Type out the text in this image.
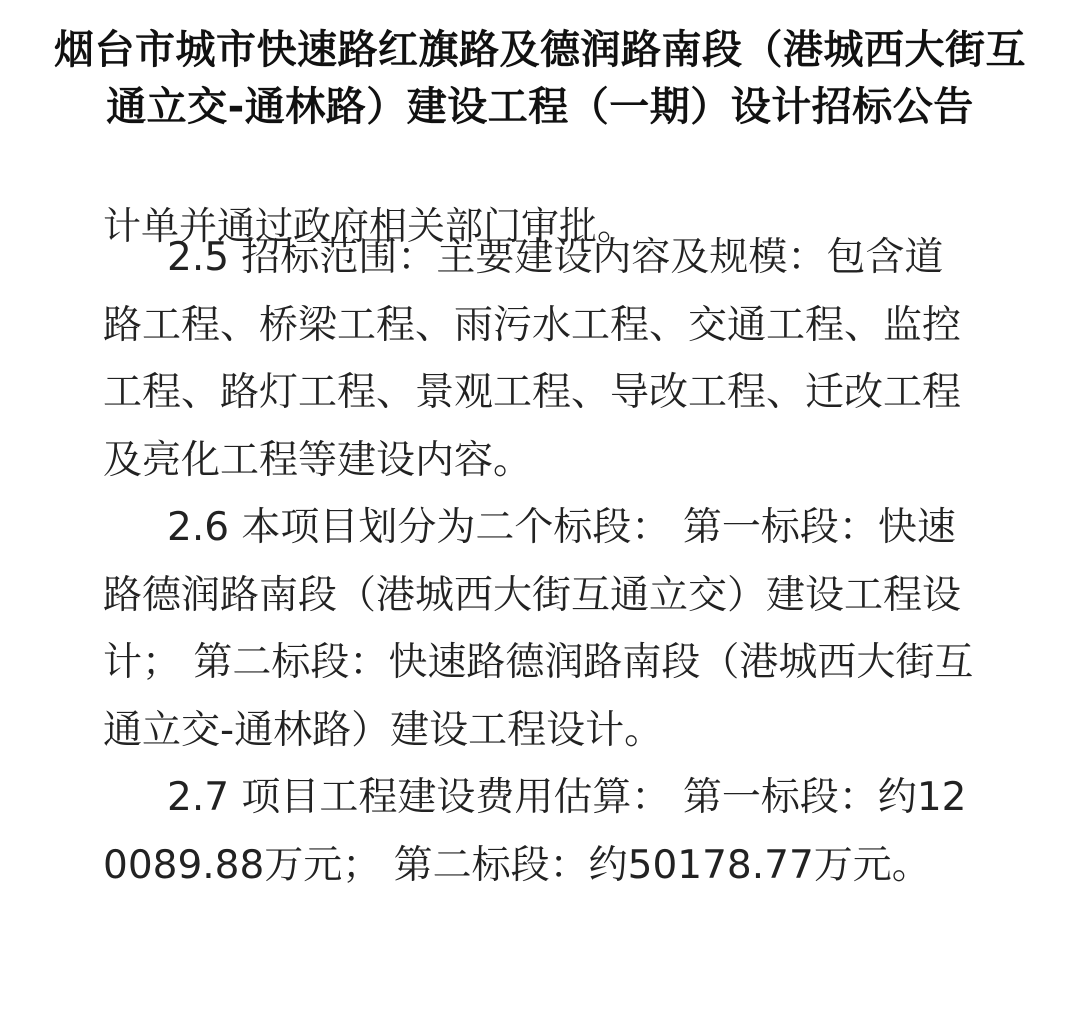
烟台市城市快速路红旗路及德润路南段（港城西大街互通立交-通林路）建设工程（一期）设计招标公告
计单并通过政府相关部门审批。

2.5 招标范围：主要建设内容及规模：包含道路工程、桥梁工程、雨污水工程、交通工程、监控工程、路灯工程、景观工程、导改工程、迁改工程及亮化工程等建设内容。

2.6 本项目划分为二个标段： 第一标段：快速路德润路南段（港城西大街互通立交）建设工程设计； 第二标段：快速路德润路南段（港城西大街互通立交-通林路）建设工程设计。

2.7 项目工程建设费用估算： 第一标段：约120089.88万元； 第二标段：约50178.77万元。
